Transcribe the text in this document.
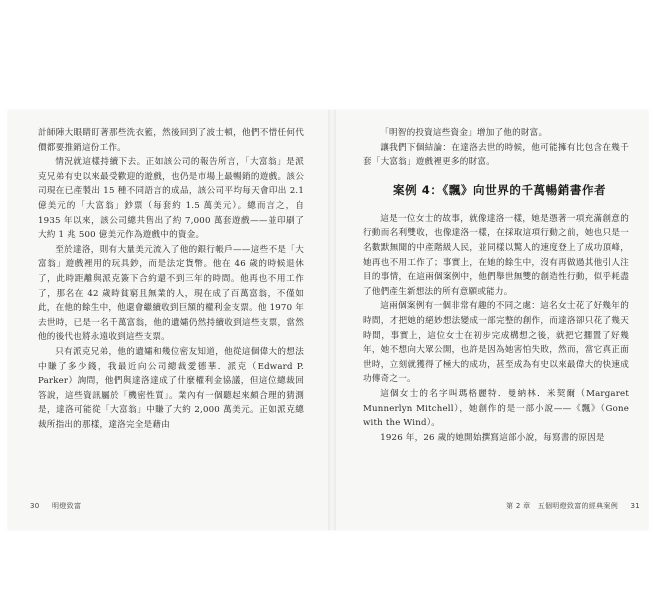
計師陣大眼睛盯著那些洗衣籃，然後回到了波士頓，他們不惜任何代價都要推銷這份工作。

情況就這樣持續下去。正如該公司的報告所言，「大富翁」是派克兄弟有史以來最受歡迎的遊戲，也仍是市場上最暢銷的遊戲。該公司現在已產製出 15 種不同語言的成品，該公司平均每天會印出 2.1 億美元的「大富翁」鈔票（每套約 1.5 萬美元）。總而言之，自 1935 年以來，該公司總共售出了約 7,000 萬套遊戲——並印刷了大約 1 兆 500 億美元作為遊戲中的資金。

至於達洛，則有大量美元流入了他的銀行帳戶——這些不是「大富翁」遊戲裡用的玩具鈔，而是法定貨幣。他在 46 歲的時候退休了，此時距離與派克簽下合約還不到三年的時間。他再也不用工作了，那名在 42 歲時貧窮且無業的人，現在成了百萬富翁，不僅如此，在他的餘生中，他還會繼續收到巨額的權利金支票。他 1970 年去世時，已是一名千萬富翁，他的遺孀仍然持續收到這些支票，當然他的後代也將永遠收到這些支票。

只有派克兄弟，他的遺孀和幾位密友知道，他從這個偉大的想法中賺了多少錢，我最近向公司總裁愛德華．派克（Edward P. Parker）詢問，他們與達洛達成了什麼權利金協議，但這位總裁回答說，這些資訊屬於「機密性質」。業內有一個聽起來頗合理的猜測是，達洛可能從「大富翁」中賺了大約 2,000 萬美元。正如派克總裁所指出的那樣，達洛完全是藉由

「明智的投資這些資金」增加了他的財富。

讓我們下個結論：在達洛去世的時候，他可能擁有比包含在幾千套「大富翁」遊戲裡更多的財富。

案例 4：《飄》向世界的千萬暢銷書作者

這是一位女士的故事，就像達洛一樣，她是憑著一項充滿創意的行動而名利雙收，也像達洛一樣，在採取這項行動之前，她也只是一名數默無聞的中產階級人民，並同樣以驚人的速度登上了成功頂峰，她再也不用工作了；事實上，在她的餘生中，沒有再做過其他引人注目的事情，在這兩個案例中，他們舉世無雙的創造性行動，似乎耗盡了他們產生新想法的所有意願或能力。

這兩個案例有一個非常有趣的不同之處：這名女士花了好幾年的時間，才把她的絕妙想法變成一部完整的創作，而達洛卻只花了幾天時間，事實上，這位女士在初步完成構想之後，就把它擱置了好幾年，她不想向大眾公開，也許是因為她害怕失敗，然而，當它真正面世時，立刻就獲得了極大的成功，甚至成為有史以來最偉大的快速成功傳奇之一。

這個女士的名字叫瑪格麗特．曼納林．米契爾（Margaret Munnerlyn Mitchell），她創作的是一部小說——《飄》（Gone with the Wind）。

1926 年，26 歲的她開始撰寫這部小說，每寫書的原因是

30 明燈致富	第 2 章　五個明燈致富的經典案例 31
